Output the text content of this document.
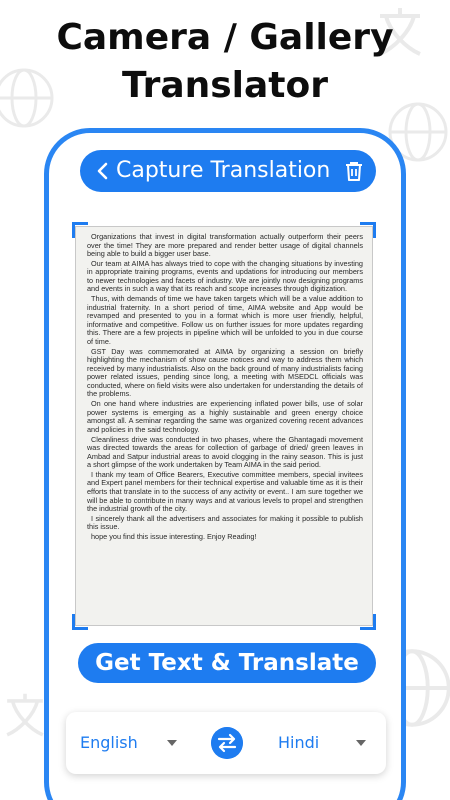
Camera / Gallery
Translator
Capture Translation

Organizations that invest in digital transformation actually outperform their peers over the time! They are more prepared and render better usage of digital channels being able to build a bigger user base.

Our team at AIMA has always tried to cope with the changing situations by investing in appropriate training programs, events and updations for introducing our members to newer technologies and facets of industry. We are jointly now designing programs and events in such a way that its reach and scope increases through digitization.

Thus, with demands of time we have taken targets which will be a value addition to industrial fraternity. In a short period of time, AIMA website and App would be revamped and presented to you in a format which is more user friendly, helpful, informative and competitive. Follow us on further issues for more updates regarding this. There are a few projects in pipeline which will be unfolded to you in due course of time.

GST Day was commemorated at AIMA by organizing a session on briefly highlighting the mechanism of show cause notices and way to address them which received by many industrialists. Also on the back ground of many industrialists facing power related issues, pending since long, a meeting with MSEDCL officials was conducted, where on field visits were also undertaken for understanding the details of the problems.

On one hand where industries are experiencing inflated power bills, use of solar power systems is emerging as a highly sustainable and green energy choice amongst all. A seminar regarding the same was organized covering recent advances and policies in the said technology.

Cleanliness drive was conducted in two phases, where the Ghantagadi movement was directed towards the areas for collection of garbage of dried/ green leaves in Ambad and Satpur industrial areas to avoid clogging in the rainy season. This is just a short glimpse of the work undertaken by Team AIMA in the said period.

I thank my team of Office Bearers, Executive committee members, special invitees and Expert panel members for their technical expertise and valuable time as it is their efforts that translate in to the success of any activity or event.. I am sure together we will be able to contribute in many ways and at various levels to propel and strengthen the industrial growth of the city.

I sincerely thank all the advertisers and associates for making it possible to publish this issue.

hope you find this issue interesting. Enjoy Reading!

Get Text & Translate
English	Hindi
